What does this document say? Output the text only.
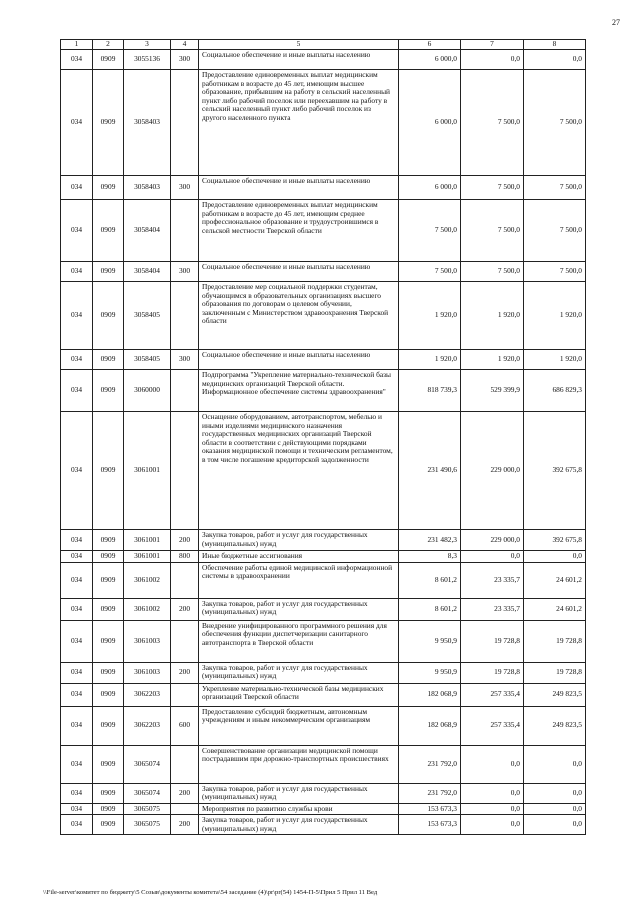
27
1	2	3	4	5	6	7	8
034	0909	3055136	300	Социальное обеспечение и иные выплаты населению	6 000,0	0,0	0,0
034	0909	3058403		Предоставление единовременных выплат медицинским работникам в возрасте до 45 лет, имеющим высшее образование, прибывшим на работу в сельский населенный пункт либо рабочий поселок или переехавшим на работу в сельский населенный пункт либо рабочий поселок из другого населенного пункта	6 000,0	7 500,0	7 500,0
034	0909	3058403	300	Социальное обеспечение и иные выплаты населению	6 000,0	7 500,0	7 500,0
034	0909	3058404		Предоставление единовременных выплат медицинским работникам в возрасте до 45 лет, имеющим среднее профессиональное образование и трудоустроившимся в сельской местности Тверской области	7 500,0	7 500,0	7 500,0
034	0909	3058404	300	Социальное обеспечение и иные выплаты населению	7 500,0	7 500,0	7 500,0
034	0909	3058405		Предоставление мер социальной поддержки студентам, обучающимся в образовательных организациях высшего образования по договорам о целевом обучении, заключенным с Министерством здравоохранения Тверской области	1 920,0	1 920,0	1 920,0
034	0909	3058405	300	Социальное обеспечение и иные выплаты населению	1 920,0	1 920,0	1 920,0
034	0909	3060000		Подпрограмма "Укрепление материально-технической базы медицинских организаций Тверской области. Информационное обеспечение системы здравоохранения"	818 739,3	529 399,9	686 829,3
034	0909	3061001		Оснащение оборудованием, автотранспортом, мебелью и иными изделиями медицинского назначения государственных медицинских организаций Тверской области в соответствии с действующими порядками оказания медицинской помощи и техническим регламентом, в том числе погашение кредиторской задолженности	231 490,6	229 000,0	392 675,8
034	0909	3061001	200	Закупка товаров, работ и услуг для государственных (муниципальных) нужд	231 482,3	229 000,0	392 675,8
034	0909	3061001	800	Иные бюджетные ассигнования	8,3	0,0	0,0
034	0909	3061002		Обеспечение работы единой медицинской информационной системы в здравоохранении	8 601,2	23 335,7	24 601,2
034	0909	3061002	200	Закупка товаров, работ и услуг для государственных (муниципальных) нужд	8 601,2	23 335,7	24 601,2
034	0909	3061003		Внедрение унифицированного программного решения для обеспечения функции диспетчеризации санитарного автотранспорта в Тверской области	9 950,9	19 728,8	19 728,8
034	0909	3061003	200	Закупка товаров, работ и услуг для государственных (муниципальных) нужд	9 950,9	19 728,8	19 728,8
034	0909	3062203		Укрепление материально-технической базы медицинских организаций Тверской области	182 068,9	257 335,4	249 823,5
034	0909	3062203	600	Предоставление субсидий бюджетным, автономным учреждениям и иным некоммерческим организациям	182 068,9	257 335,4	249 823,5
034	0909	3065074		Совершенствование организации медицинской помощи пострадавшим при дорожно-транспортных происшествиях	231 792,0	0,0	0,0
034	0909	3065074	200	Закупка товаров, работ и услуг для государственных (муниципальных) нужд	231 792,0	0,0	0,0
034	0909	3065075		Мероприятия по развитию службы крови	153 673,3	0,0	0,0
034	0909	3065075	200	Закупка товаров, работ и услуг для государственных (муниципальных) нужд	153 673,3	0,0	0,0
\\File-server\комитет по бюджету\5 Созыв\документы комитета\54 заседание (4)\pr\pr(54) 1454-П-5\Прил 5 Прил 11 Вед
